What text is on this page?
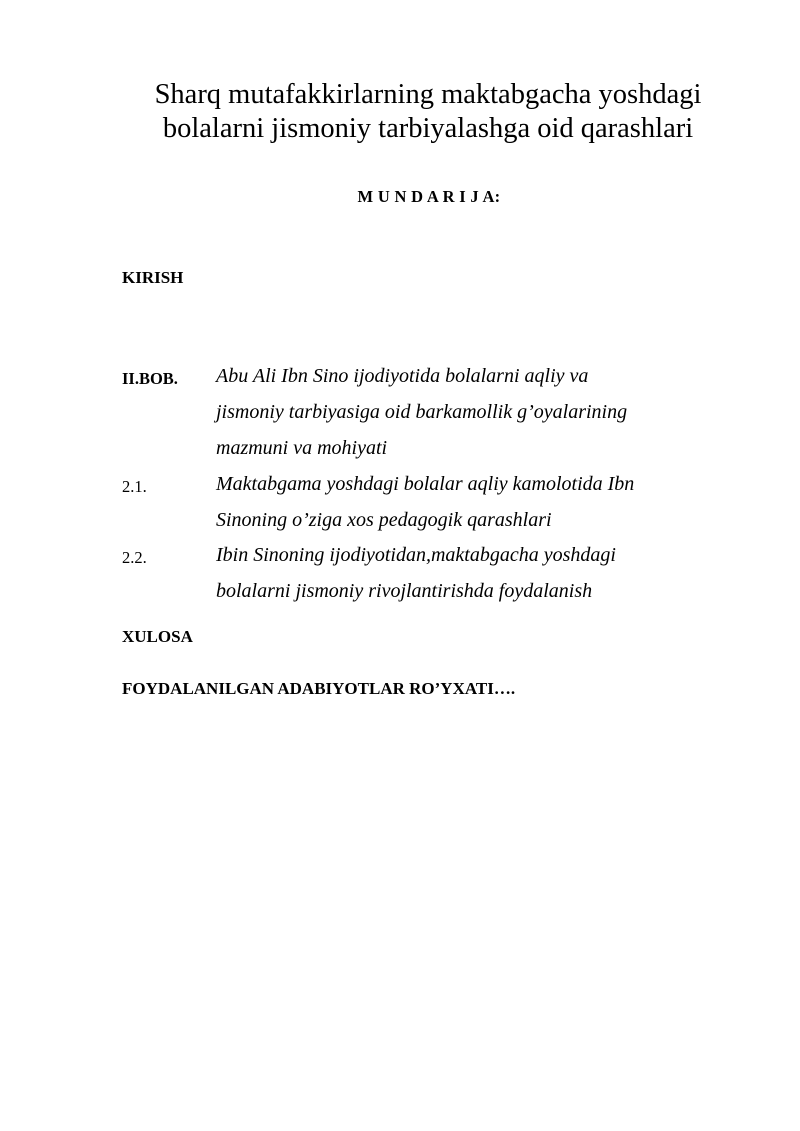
Sharq mutafakkirlarning maktabgacha yoshdagi
bolalarni jismoniy tarbiyalashga oid qarashlari
M U N D A R I J A:
KIRISH
II.BOB. Abu Ali Ibn Sino ijodiyotida bolalarni aqliy va
jismoniy tarbiyasiga oid barkamollik g’oyalarining
mazmuni va mohiyati
2.1.	Maktabgama yoshdagi bolalar aqliy kamolotida Ibn
Sinoning o’ziga xos pedagogik qarashlari
2.2.	Ibin Sinoning ijodiyotidan,maktabgacha yoshdagi
bolalarni jismoniy rivojlantirishda foydalanish
XULOSA
FOYDALANILGAN ADABIYOTLAR RO’YXATI….
